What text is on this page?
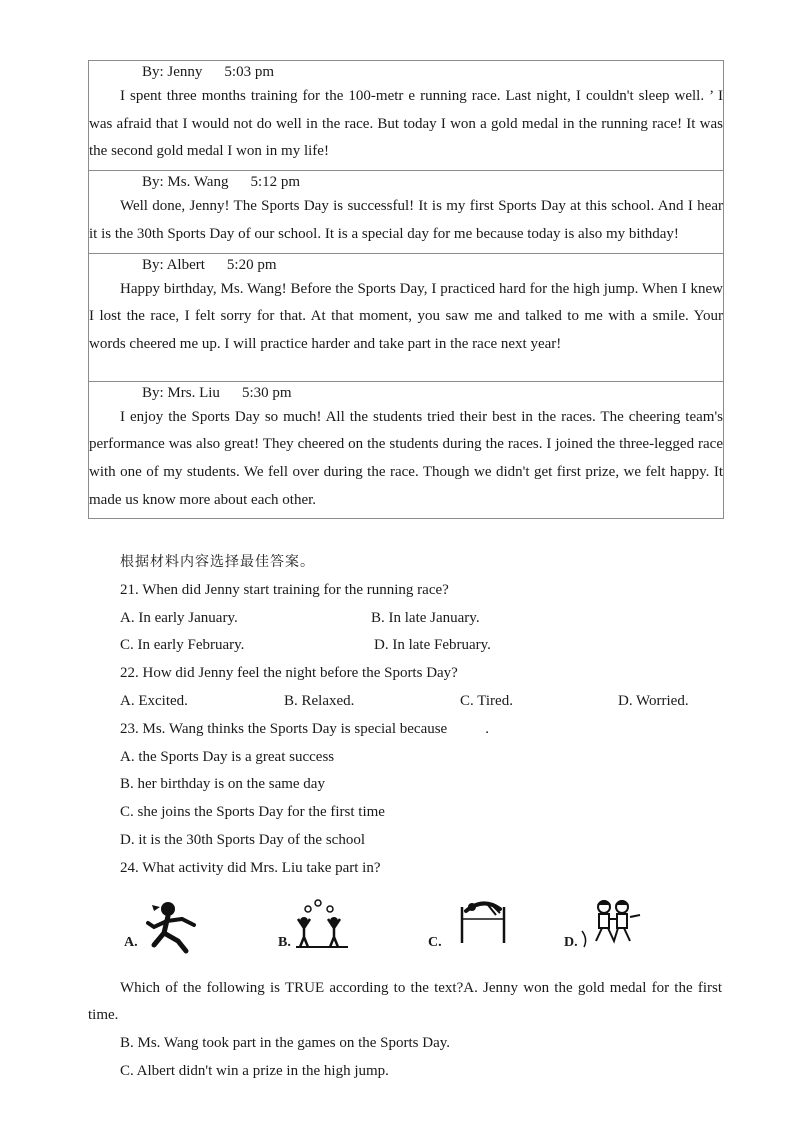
By: Jenny 5:03 pm
I spent three months training for the 100-metr e running race. Last night, I couldn't sleep well. ’ I was afraid that I would not do well in the race. But today I won a gold medal in the running race! It was the second gold medal I won in my life!
By: Ms. Wang 5:12 pm
Well done, Jenny! The Sports Day is successful! It is my first Sports Day at this school. And I hear it is the 30th Sports Day of our school. It is a special day for me because today is also my bithday!
By: Albert 5:20 pm
Happy birthday, Ms. Wang! Before the Sports Day, I practiced hard for the high jump. When I knew I lost the race, I felt sorry for that. At that moment, you saw me and talked to me with a smile. Your words cheered me up. I will practice harder and take part in the race next year!
By: Mrs. Liu 5:30 pm
I enjoy the Sports Day so much! All the students tried their best in the races. The cheering team's performance was also great! They cheered on the students during the races. I joined the three-legged race with one of my students. We fell over during the race. Though we didn't get first prize, we felt happy. It made us know more about each other.
根据材料内容选择最佳答案。
21. When did Jenny start training for the running race?
A. In early January.	B. In late January.
C. In early February.	D. In late February.
22. How did Jenny feel the night before the Sports Day?
A. Excited.	B. Relaxed.	C. Tired.	D. Worried.
23. Ms. Wang thinks the Sports Day is special because	.
A. the Sports Day is a great success
B. her birthday is on the same day
C. she joins the Sports Day for the first time
D. it is the 30th Sports Day of the school
24. What activity did Mrs. Liu take part in?
A.	B.	C.	D.
Which of the following is TRUE according to the text?A. Jenny won the gold medal for the first time.
B. Ms. Wang took part in the games on the Sports Day.
C. Albert didn't win a prize in the high jump.
